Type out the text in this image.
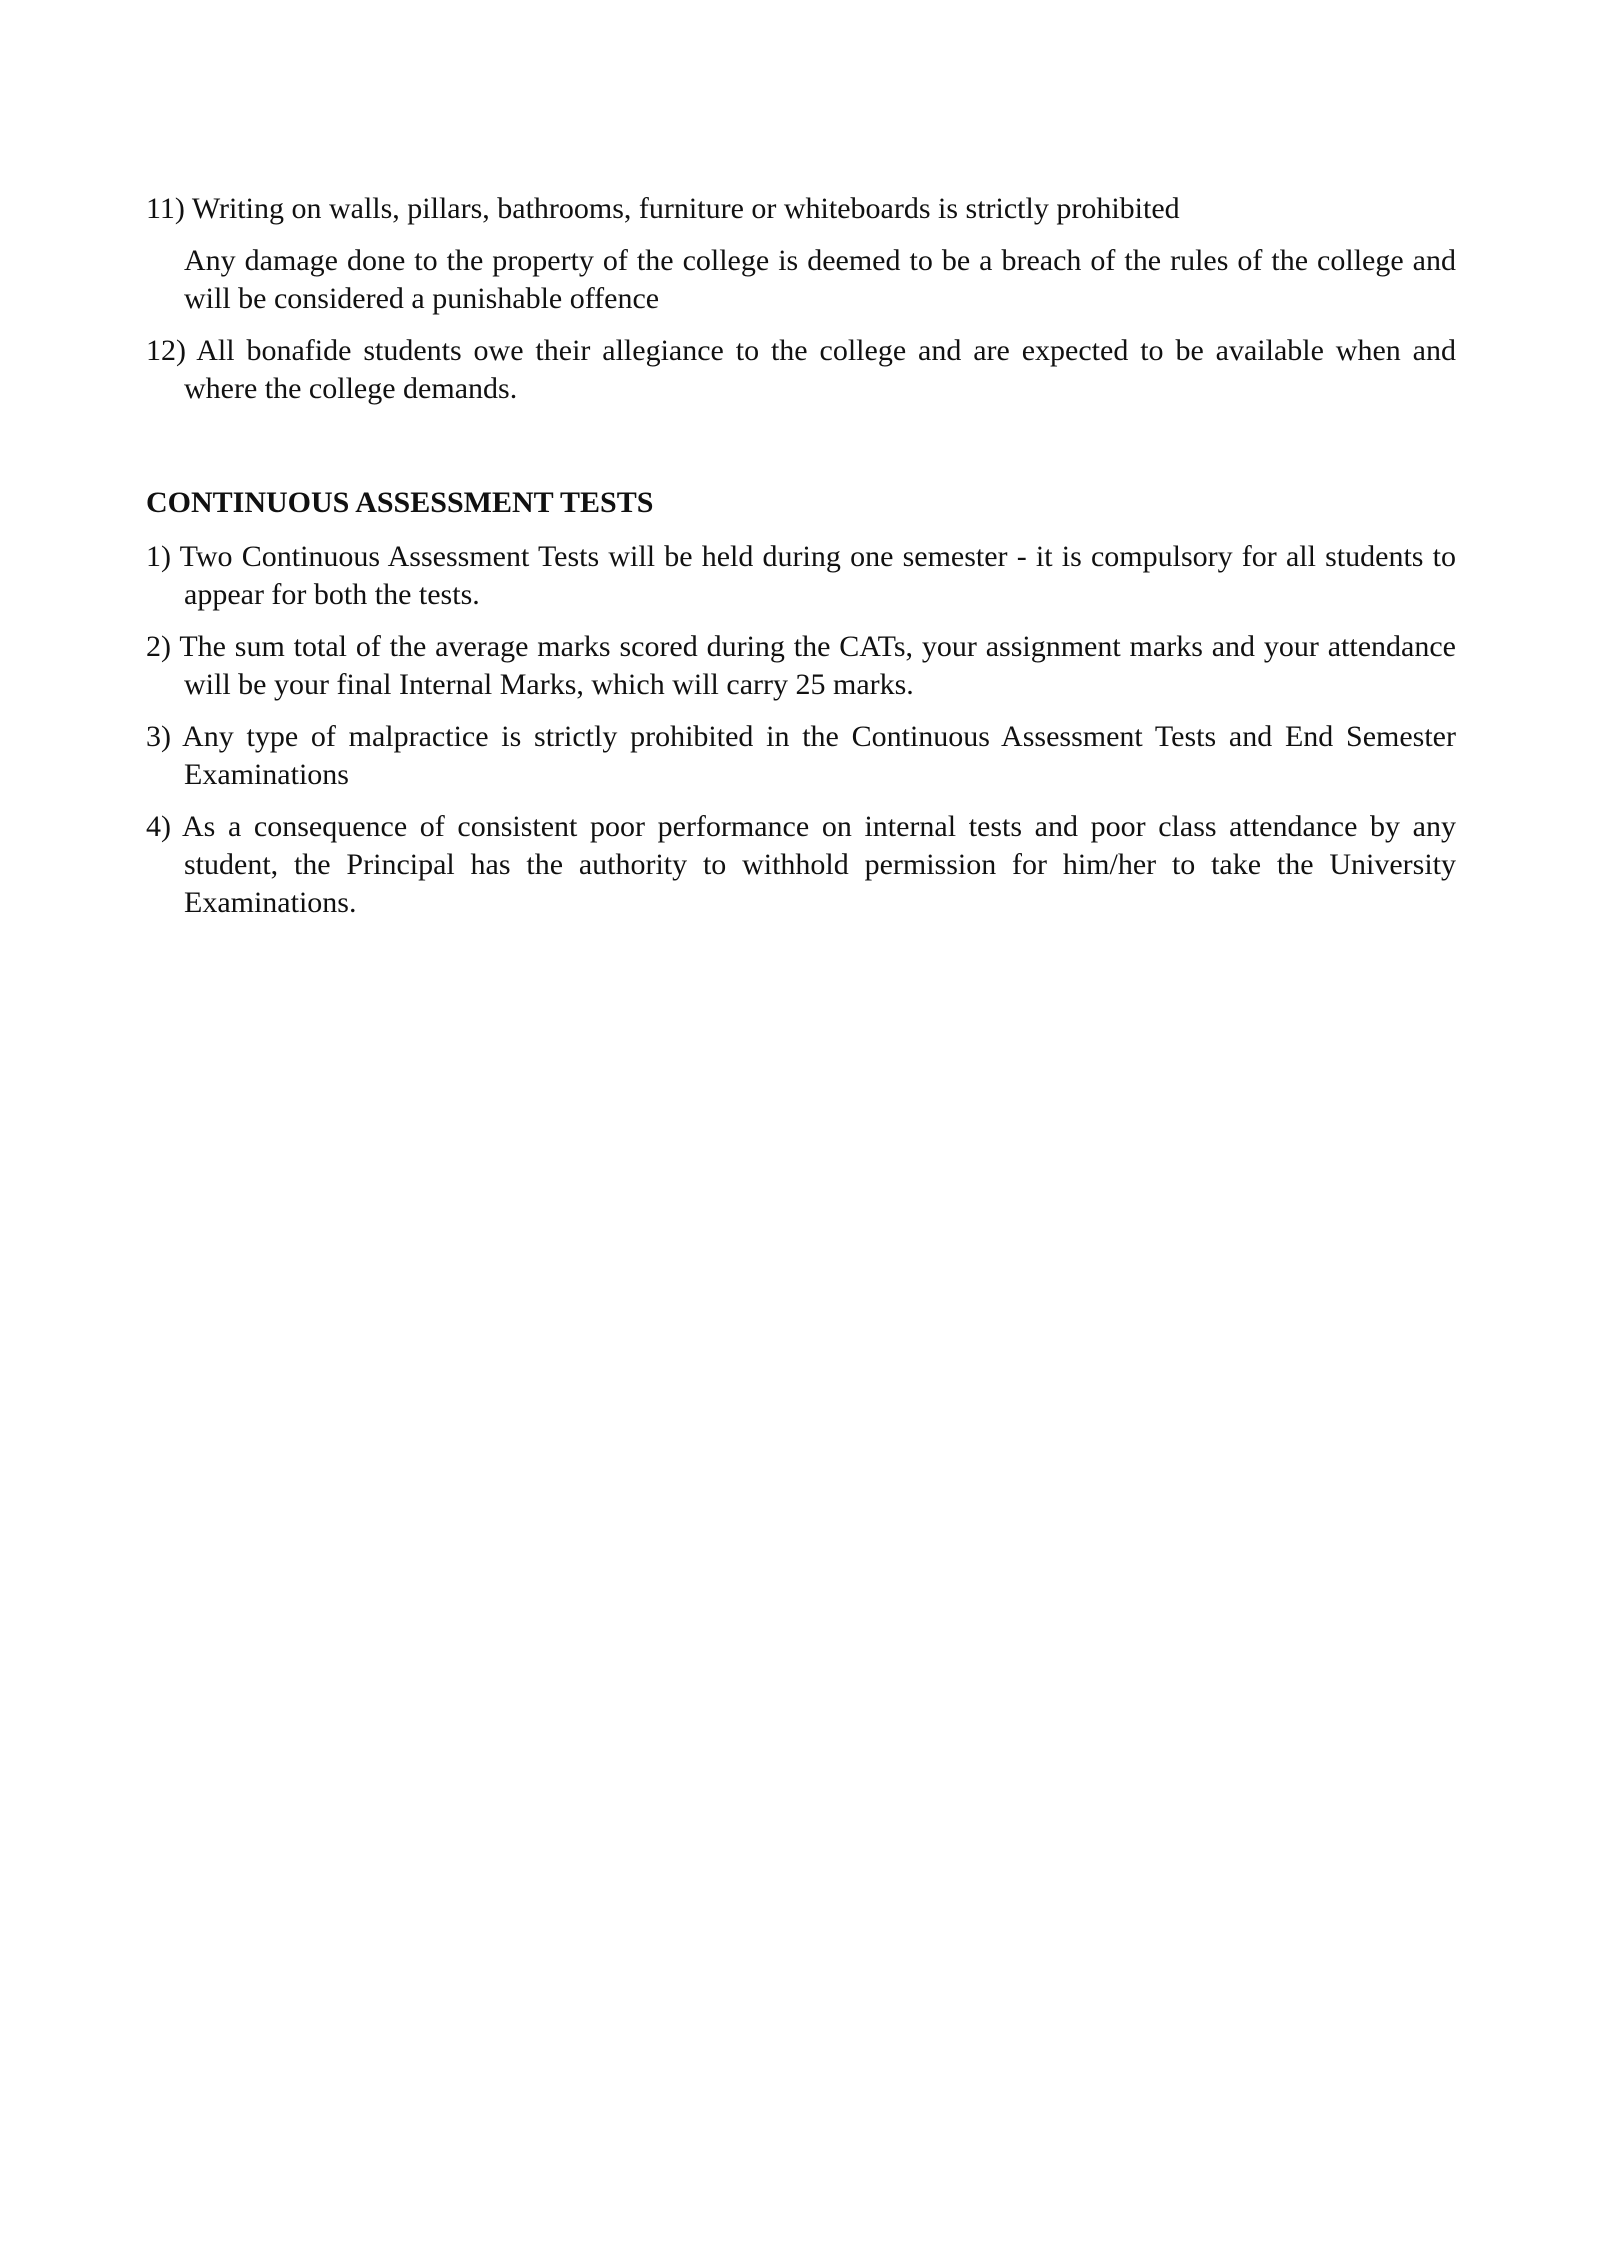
11) Writing on walls, pillars, bathrooms, furniture or whiteboards is strictly prohibited
Any damage done to the property of the college is deemed to be a breach of the rules of the college and will be considered a punishable offence
12) All bonafide students owe their allegiance to the college and are expected to be available when and where the college demands.
CONTINUOUS ASSESSMENT TESTS
1) Two Continuous Assessment Tests will be held during one semester - it is compulsory for all students to appear for both the tests.
2) The sum total of the average marks scored during the CATs, your assignment marks and your attendance will be your final Internal Marks, which will carry 25 marks.
3) Any type of malpractice is strictly prohibited in the Continuous Assessment Tests and End Semester Examinations
4) As a consequence of consistent poor performance on internal tests and poor class attendance by any student, the Principal has the authority to withhold permission for him/her to take the University Examinations.
